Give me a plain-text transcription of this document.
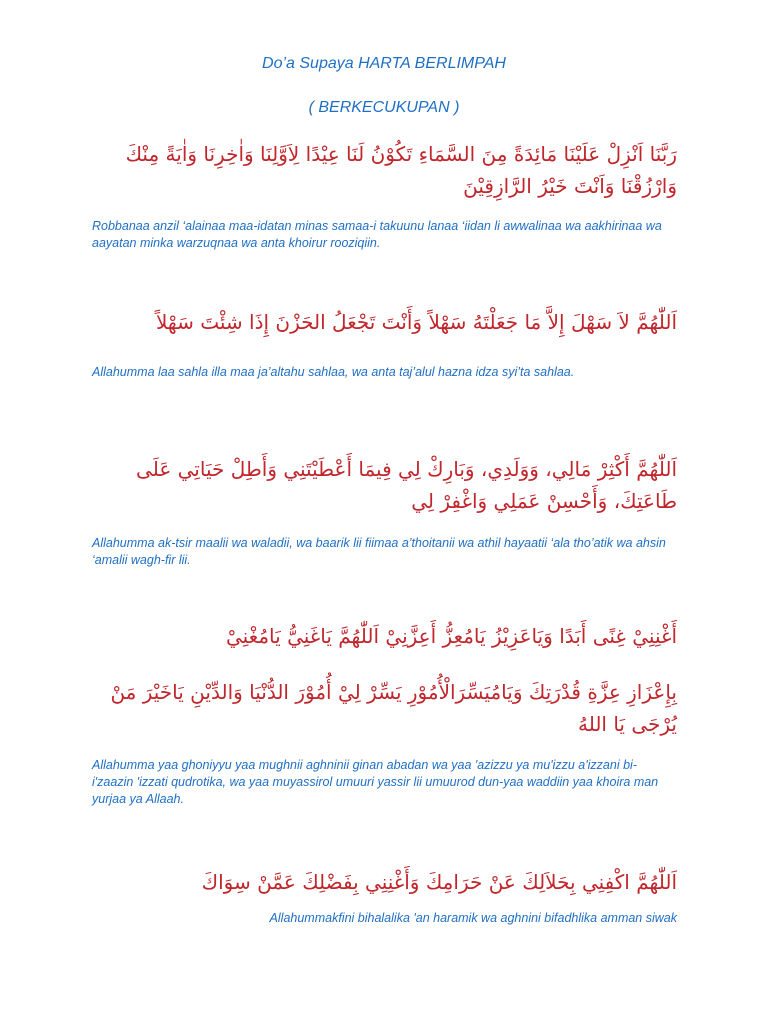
Do’a Supaya HARTA BERLIMPAH

( BERKECUKUPAN )

رَبَّنَا اَنْزِلْ عَلَيْنَا مَائِدَةً مِنَ السَّمَاءِ تَكُوْنُ لَنَا عِيْدًا لِاَوَّلِنَا وَاٰخِرِنَا وَاٰيَةً مِنْكَ وَارْزُقْنَا وَاَنْتَ خَيْرُ الرَّازِقِيْنَ

Robbanaa anzil ‘alainaa maa-idatan minas samaa-i takuunu lanaa ‘iidan li awwalinaa wa aakhirinaa wa aayatan minka warzuqnaa wa anta khoirur rooziqiin.

اَللّٰهُمَّ لاَ سَهْلَ إِلاَّ مَا جَعَلْتَهُ سَهْلاً وَأَنْتَ تَجْعَلُ الحَزْنَ إِذَا شِئْتَ سَهْلاً

Allahumma laa sahla illa maa ja’altahu sahlaa, wa anta taj’alul hazna idza syi’ta sahlaa.

اَللّٰهُمَّ أَكْثِرْ مَالِي، وَوَلَدِي، وَبَارِكْ لِي فِيمَا أَعْطَيْتَنِي وَأَطِلْ حَيَاتِي عَلَى طَاعَتِكَ، وَأَحْسِنْ عَمَلِي وَاغْفِرْ لِي

Allahumma ak-tsir maalii wa waladii, wa baarik lii fiimaa a’thoitanii wa athil hayaatii ‘ala tho’atik wa ahsin ‘amalii wagh-fir lii.

أَغْنِنِيْ غِنًى أَبَدًا وَيَاعَزِيْزُ يَامُعِزُّ أَعِزَّنِيْ اَللّٰهُمَّ يَاغَنِيُّ يَامُغْنِيْ

بِإِعْزَازِ عِزَّةِ قُدْرَتِكَ وَيَامُيَسِّرَالْأُمُوْرِ يَسِّرْ لِيْ أُمُوْرَ الدُّنْيَا وَالدِّيْنِ يَاخَيْرَ مَنْ يُرْجَى يَا اللهُ

Allahumma yaa ghoniyyu yaa mughnii aghninii ginan abadan wa yaa 'azizzu ya mu'izzu a'izzani bi-i'zaazin 'izzati qudrotika, wa yaa muyassirol umuuri yassir lii umuurod dun-yaa waddiin yaa khoira man yurjaa ya Allaah.

اَللّٰهُمَّ اكْفِنِي بِحَلاَلِكَ عَنْ حَرَامِكَ وَأَغْنِنِي بِفَضْلِكَ عَمَّنْ سِوَاكَ

Allahummakfini bihalalika 'an haramik wa aghnini bifadhlika amman siwak
